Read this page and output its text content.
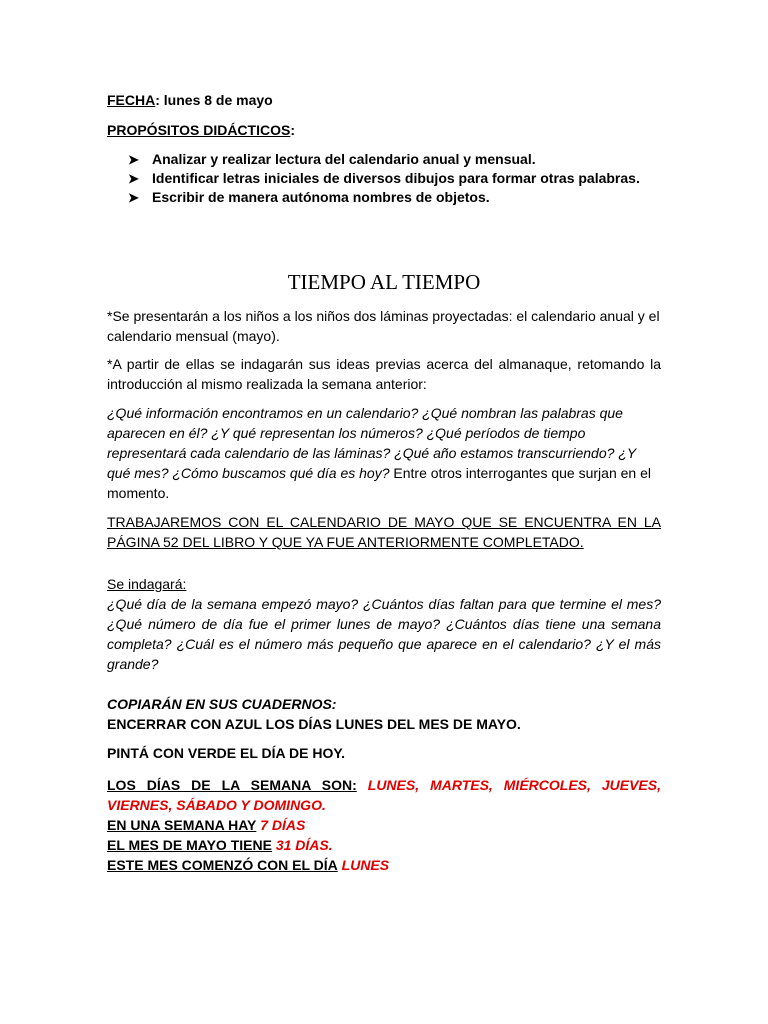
FECHA: lunes 8 de mayo
PROPÓSITOS DIDÁCTICOS:
➤ Analizar y realizar lectura del calendario anual y mensual.
➤ Identificar letras iniciales de diversos dibujos para formar otras palabras.
➤ Escribir de manera autónoma nombres de objetos.
TIEMPO AL TIEMPO
*Se presentarán a los niños a los niños dos láminas proyectadas: el calendario anual y el calendario mensual (mayo).
*A partir de ellas se indagarán sus ideas previas acerca del almanaque, retomando la introducción al mismo realizada la semana anterior:
¿Qué información encontramos en un calendario? ¿Qué nombran las palabras que aparecen en él? ¿Y qué representan los números? ¿Qué períodos de tiempo representará cada calendario de las láminas? ¿Qué año estamos transcurriendo? ¿Y qué mes? ¿Cómo buscamos qué día es hoy? Entre otros interrogantes que surjan en el momento.
TRABAJAREMOS CON EL CALENDARIO DE MAYO QUE SE ENCUENTRA EN LA PÁGINA 52 DEL LIBRO Y QUE YA FUE ANTERIORMENTE COMPLETADO.
Se indagará:
¿Qué día de la semana empezó mayo? ¿Cuántos días faltan para que termine el mes? ¿Qué número de día fue el primer lunes de mayo? ¿Cuántos días tiene una semana completa? ¿Cuál es el número más pequeño que aparece en el calendario? ¿Y el más grande?
COPIARÁN EN SUS CUADERNOS:
ENCERRAR CON AZUL LOS DÍAS LUNES DEL MES DE MAYO.
PINTÁ CON VERDE EL DÍA DE HOY.
LOS DÍAS DE LA SEMANA SON: LUNES, MARTES, MIÉRCOLES, JUEVES, VIERNES, SÁBADO Y DOMINGO.
EN UNA SEMANA HAY 7 DÍAS
EL MES DE MAYO TIENE 31 DÍAS.
ESTE MES COMENZÓ CON EL DÍA LUNES
